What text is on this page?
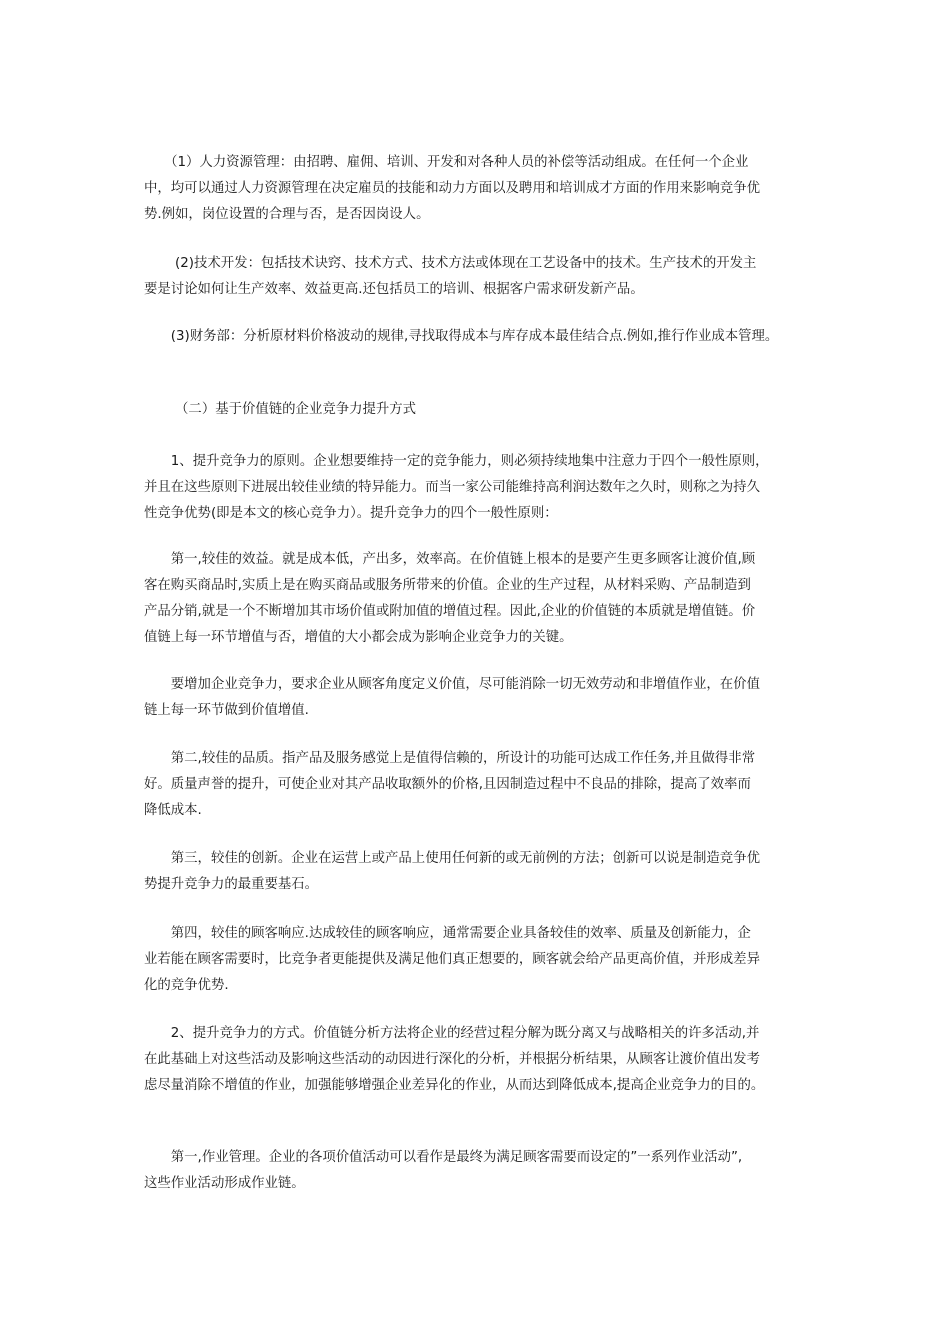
　　（1）人力资源管理：由招聘、雇佣、培训、开发和对各种人员的补偿等活动组成。在任何一个企业
中，均可以通过人力资源管理在决定雇员的技能和动力方面以及聘用和培训成才方面的作用来影响竞争优
势.例如，岗位设置的合理与否，是否因岗设人。
　　 (2)技术开发：包括技术诀窍、技术方式、技术方法或体现在工艺设备中的技术。生产技术的开发主
要是讨论如何让生产效率、效益更高.还包括员工的培训、根据客户需求研发新产品。
　　(3)财务部：分析原材料价格波动的规律,寻找取得成本与库存成本最佳结合点.例如,推行作业成本管理。
　　 （二）基于价值链的企业竞争力提升方式
　　1、提升竞争力的原则。企业想要维持一定的竞争能力，则必须持续地集中注意力于四个一般性原则，
并且在这些原则下进展出较佳业绩的特异能力。而当一家公司能维持高利润达数年之久时，则称之为持久
性竞争优势(即是本文的核心竞争力）。提升竞争力的四个一般性原则：
　　第一,较佳的效益。就是成本低，产出多，效率高。在价值链上根本的是要产生更多顾客让渡价值,顾
客在购买商品时,实质上是在购买商品或服务所带来的价值。企业的生产过程，从材料采购、产品制造到
产品分销,就是一个不断增加其市场价值或附加值的增值过程。因此,企业的价值链的本质就是增值链。价
值链上每一环节增值与否，增值的大小都会成为影响企业竞争力的关键。
　　要增加企业竞争力，要求企业从顾客角度定义价值，尽可能消除一切无效劳动和非增值作业，在价值
链上每一环节做到价值增值.
　　第二,较佳的品质。指产品及服务感觉上是值得信赖的，所设计的功能可达成工作任务,并且做得非常
好。质量声誉的提升，可使企业对其产品收取额外的价格,且因制造过程中不良品的排除，提高了效率而
降低成本.
　　第三，较佳的创新。企业在运营上或产品上使用任何新的或无前例的方法；创新可以说是制造竞争优
势提升竞争力的最重要基石。
　　第四，较佳的顾客响应.达成较佳的顾客响应，通常需要企业具备较佳的效率、质量及创新能力，企
业若能在顾客需要时，比竞争者更能提供及满足他们真正想要的，顾客就会给产品更高价值，并形成差异
化的竞争优势.
　　2、提升竞争力的方式。价值链分析方法将企业的经营过程分解为既分离又与战略相关的许多活动,并
在此基础上对这些活动及影响这些活动的动因进行深化的分析，并根据分析结果，从顾客让渡价值出发考
虑尽量消除不增值的作业，加强能够增强企业差异化的作业，从而达到降低成本,提高企业竞争力的目的。
　　第一,作业管理。企业的各项价值活动可以看作是最终为满足顾客需要而设定的”一系列作业活动”,
这些作业活动形成作业链。
